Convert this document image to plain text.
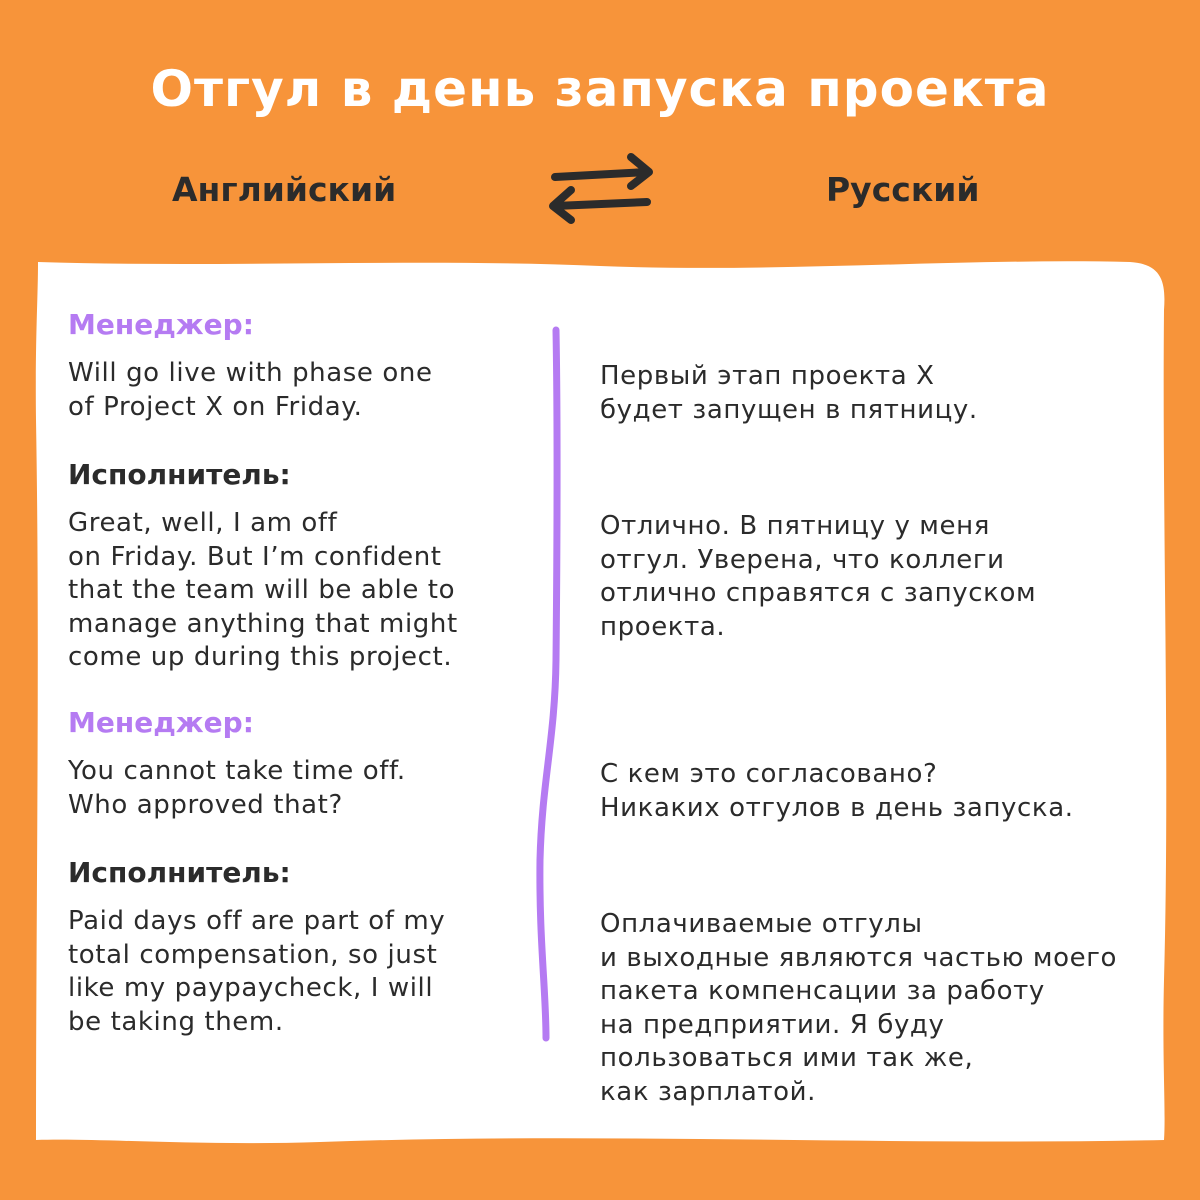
Отгул в день запуска проекта
Английский	Русский
Менеджер:
Will go live with phase one
of Project X on Friday.
Исполнитель:
Great, well, I am off
on Friday. But I’m confident
that the team will be able to
manage anything that might
come up during this project.
Менеджер:
You cannot take time off.
Who approved that?
Исполнитель:
Paid days off are part of my
total compensation, so just
like my paypaycheck, I will
be taking them.
Первый этап проекта X
будет запущен в пятницу.
Отлично. В пятницу у меня
отгул. Уверена, что коллеги
отлично справятся с запуском
проекта.
С кем это согласовано?
Никаких отгулов в день запуска.
Оплачиваемые отгулы
и выходные являются частью моего
пакета компенсации за работу
на предприятии. Я буду
пользоваться ими так же,
как зарплатой.
